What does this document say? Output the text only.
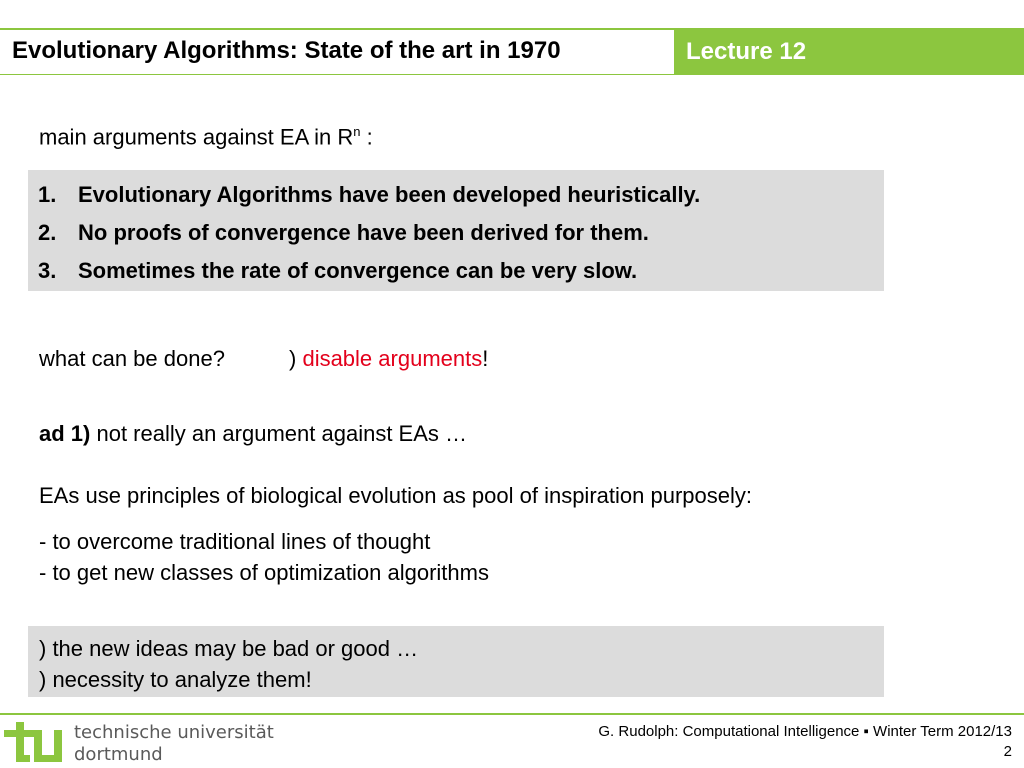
Evolutionary Algorithms: State of the art in 1970	Lecture 12
main arguments against EA in $R^n$ :
1. Evolutionary Algorithms have been developed heuristically.
2. No proofs of convergence have been derived for them.
3. Sometimes the rate of convergence can be very slow.
what can be done?	) disable arguments!
ad 1) not really an argument against EAs …
EAs use principles of biological evolution as pool of inspiration purposely:
- to overcome traditional lines of thought
- to get new classes of optimization algorithms
) the new ideas may be bad or good …
) necessity to analyze them!
technische universität
dortmund
G. Rudolph: Computational Intelligence ▪ Winter Term 2012/13
2
